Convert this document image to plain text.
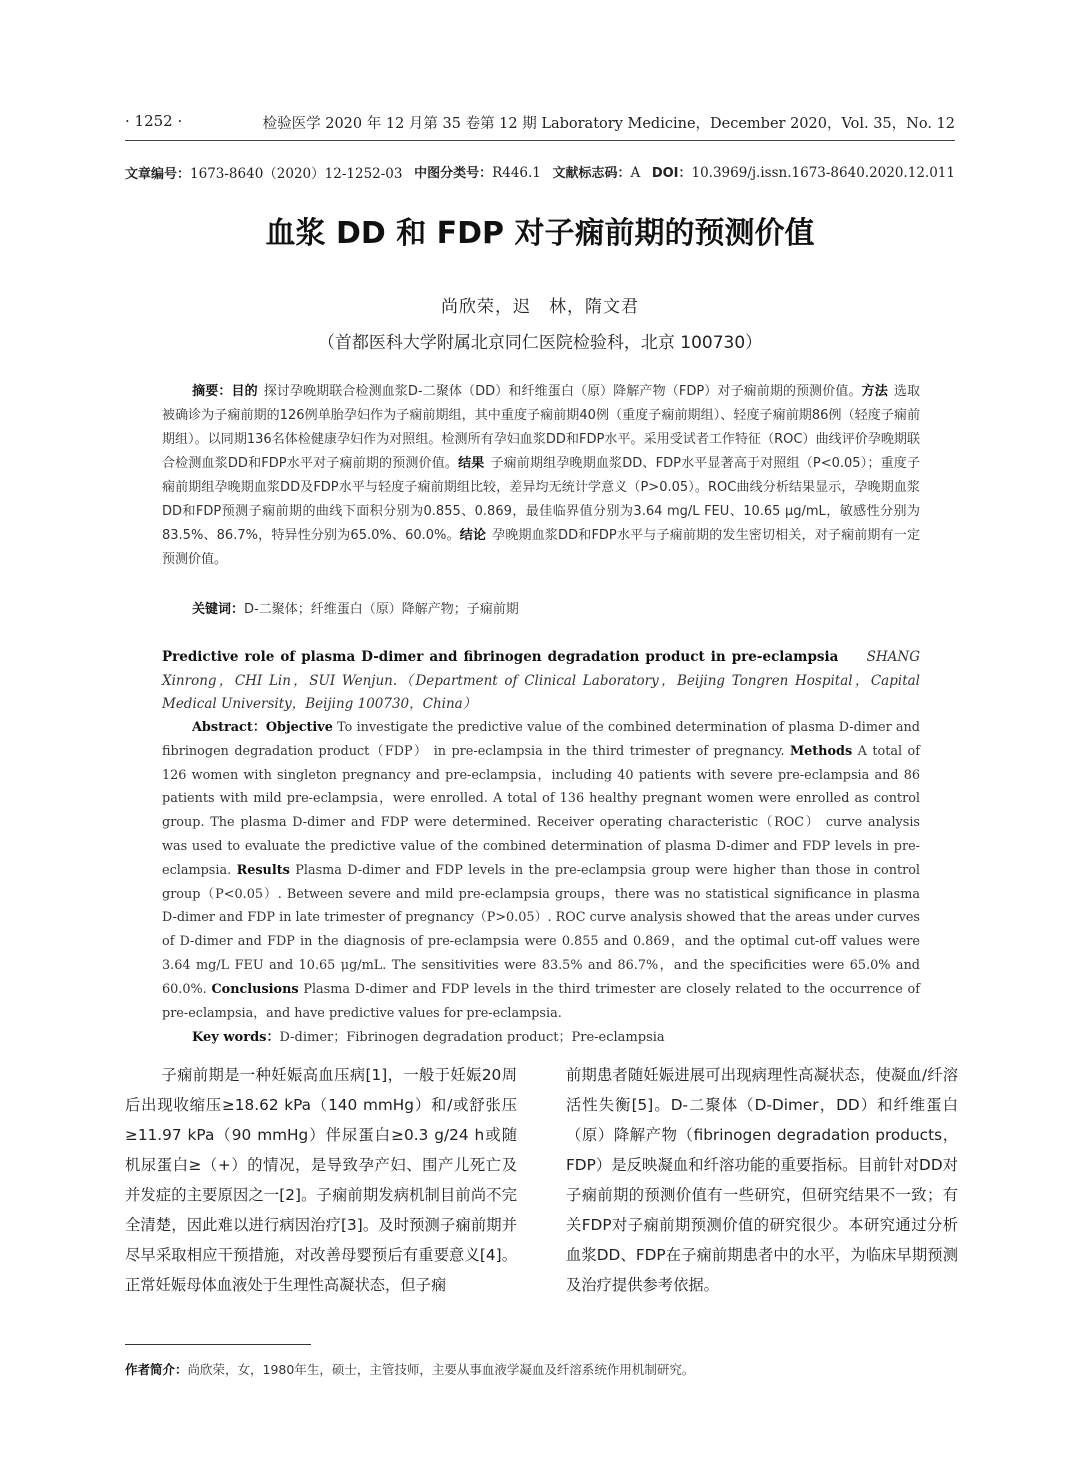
· 1252 ·	检验医学 2020 年 12 月第 35 卷第 12 期 Laboratory Medicine，December 2020，Vol. 35，No. 12
文章编号：1673-8640（2020）12-1252-03 中图分类号：R446.1 文献标志码：A DOI：10.3969/j.issn.1673-8640.2020.12.011
血浆 DD 和 FDP 对子痫前期的预测价值
尚欣荣，迟　林，隋文君
（首都医科大学附属北京同仁医院检验科，北京 100730）
摘要：目的 探讨孕晚期联合检测血浆D-二聚体（DD）和纤维蛋白（原）降解产物（FDP）对子痫前期的预测价值。方法 选取被确诊为子痫前期的126例单胎孕妇作为子痫前期组，其中重度子痫前期40例（重度子痫前期组）、轻度子痫前期86例（轻度子痫前期组）。以同期136名体检健康孕妇作为对照组。检测所有孕妇血浆DD和FDP水平。采用受试者工作特征（ROC）曲线评价孕晚期联合检测血浆DD和FDP水平对子痫前期的预测价值。结果 子痫前期组孕晚期血浆DD、FDP水平显著高于对照组（P<0.05）；重度子痫前期组孕晚期血浆DD及FDP水平与轻度子痫前期组比较，差异均无统计学意义（P>0.05）。ROC曲线分析结果显示，孕晚期血浆DD和FDP预测子痫前期的曲线下面积分别为0.855、0.869，最佳临界值分别为3.64 mg/L FEU、10.65 μg/mL，敏感性分别为83.5%、86.7%，特异性分别为65.0%、60.0%。结论 孕晚期血浆DD和FDP水平与子痫前期的发生密切相关，对子痫前期有一定预测价值。
关键词：D-二聚体；纤维蛋白（原）降解产物；子痫前期
Predictive role of plasma D-dimer and fibrinogen degradation product in pre-eclampsia SHANG Xinrong，CHI Lin，SUI Wenjun.（Department of Clinical Laboratory，Beijing Tongren Hospital，Capital Medical University，Beijing 100730，China）
Abstract：Objective To investigate the predictive value of the combined determination of plasma D-dimer and fibrinogen degradation product（FDP） in pre-eclampsia in the third trimester of pregnancy. Methods A total of 126 women with singleton pregnancy and pre-eclampsia，including 40 patients with severe pre-eclampsia and 86 patients with mild pre-eclampsia，were enrolled. A total of 136 healthy pregnant women were enrolled as control group. The plasma D-dimer and FDP were determined. Receiver operating characteristic（ROC） curve analysis was used to evaluate the predictive value of the combined determination of plasma D-dimer and FDP levels in pre-eclampsia. Results Plasma D-dimer and FDP levels in the pre-eclampsia group were higher than those in control group（P<0.05）. Between severe and mild pre-eclampsia groups，there was no statistical significance in plasma D-dimer and FDP in late trimester of pregnancy（P>0.05）. ROC curve analysis showed that the areas under curves of D-dimer and FDP in the diagnosis of pre-eclampsia were 0.855 and 0.869，and the optimal cut-off values were 3.64 mg/L FEU and 10.65 μg/mL. The sensitivities were 83.5% and 86.7%，and the specificities were 65.0% and 60.0%. Conclusions Plasma D-dimer and FDP levels in the third trimester are closely related to the occurrence of pre-eclampsia，and have predictive values for pre-eclampsia.
Key words：D-dimer；Fibrinogen degradation product；Pre-eclampsia
子痫前期是一种妊娠高血压病[1]，一般于妊娠20周后出现收缩压≥18.62 kPa（140 mmHg）和/或舒张压≥11.97 kPa（90 mmHg）伴尿蛋白≥0.3 g/24 h或随机尿蛋白≥（+）的情况，是导致孕产妇、围产儿死亡及并发症的主要原因之一[2]。子痫前期发病机制目前尚不完全清楚，因此难以进行病因治疗[3]。及时预测子痫前期并尽早采取相应干预措施，对改善母婴预后有重要意义[4]。正常妊娠母体血液处于生理性高凝状态，但子痫
前期患者随妊娠进展可出现病理性高凝状态，使凝血/纤溶活性失衡[5]。D-二聚体（D-Dimer，DD）和纤维蛋白（原）降解产物（fibrinogen degradation products，FDP）是反映凝血和纤溶功能的重要指标。目前针对DD对子痫前期的预测价值有一些研究，但研究结果不一致；有关FDP对子痫前期预测价值的研究很少。本研究通过分析血浆DD、FDP在子痫前期患者中的水平，为临床早期预测及治疗提供参考依据。
作者简介：尚欣荣，女，1980年生，硕士，主管技师，主要从事血液学凝血及纤溶系统作用机制研究。
